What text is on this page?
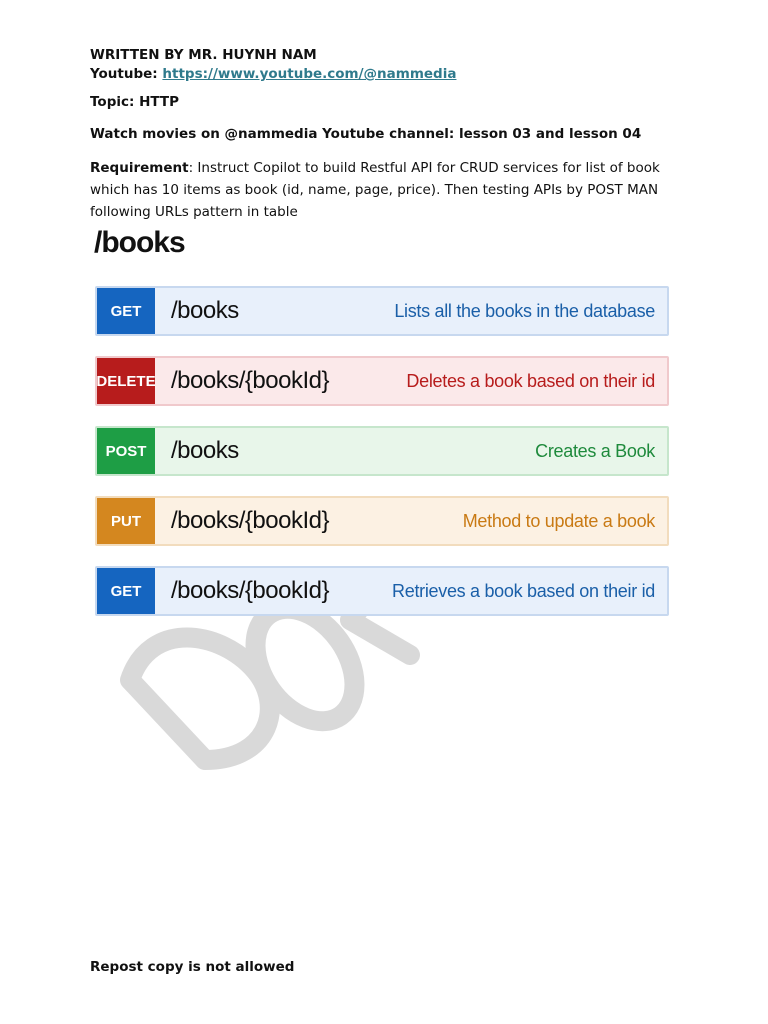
WRITTEN BY MR. HUYNH NAM
Youtube: https://www.youtube.com/@nammedia
Topic: HTTP
Watch movies on @nammedia Youtube channel: lesson 03 and lesson 04
Requirement: Instruct Copilot to build Restful API for CRUD services for list of book which has 10 items as book (id, name, page, price). Then testing APIs by POST MAN following URLs pattern in table
/books
GET	/books	Lists all the books in the database
DELETE /books/{bookId}	Deletes a book based on their id
POST	/books	Creates a Book
PUT	/books/{bookId}	Method to update a book
GET	/books/{bookId}	Retrieves a book based on their id
Repost copy is not allowed
